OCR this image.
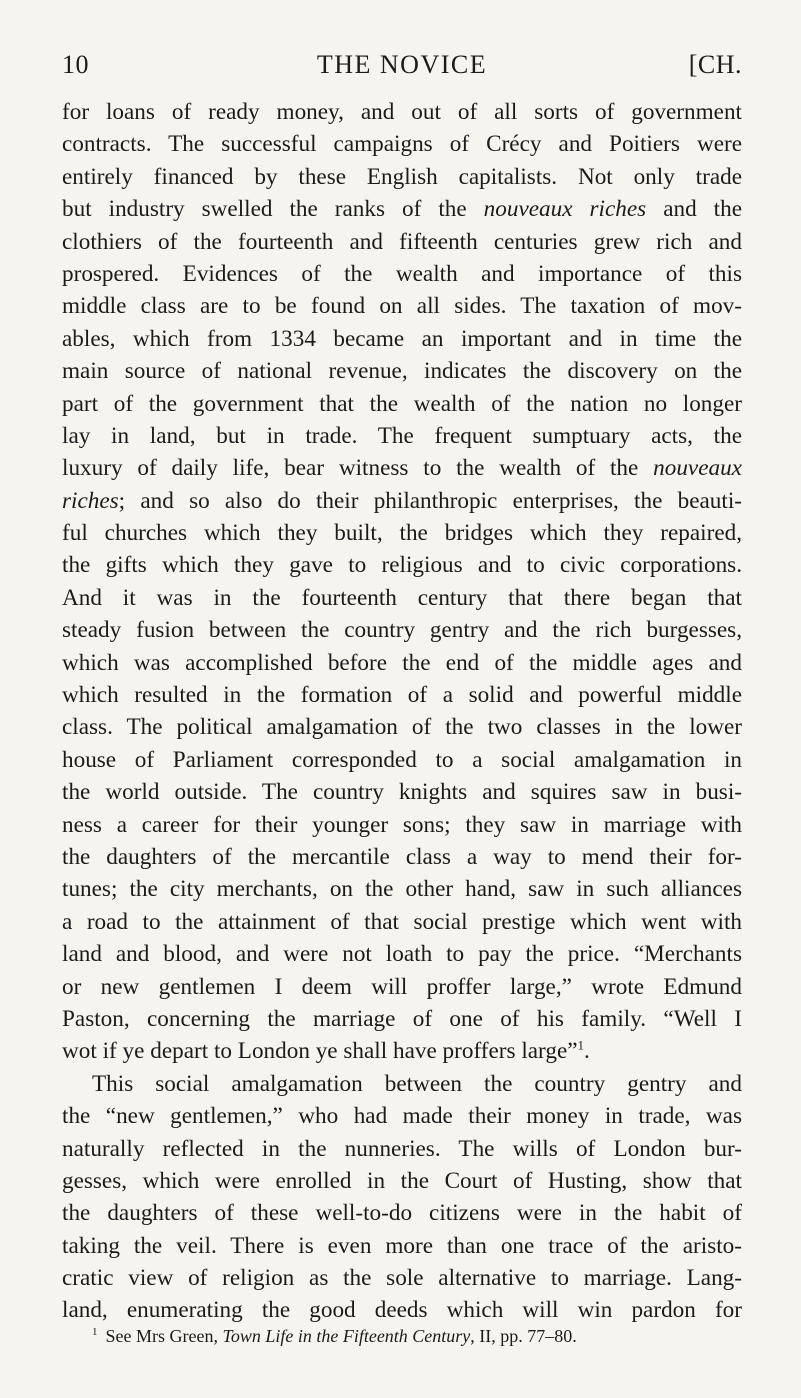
10	THE NOVICE	[CH.
for loans of ready money, and out of all sorts of government
contracts. The successful campaigns of Crécy and Poitiers were
entirely financed by these English capitalists. Not only trade
but industry swelled the ranks of the nouveaux riches and the
clothiers of the fourteenth and fifteenth centuries grew rich and
prospered. Evidences of the wealth and importance of this
middle class are to be found on all sides. The taxation of mov-
ables, which from 1334 became an important and in time the
main source of national revenue, indicates the discovery on the
part of the government that the wealth of the nation no longer
lay in land, but in trade. The frequent sumptuary acts, the
luxury of daily life, bear witness to the wealth of the nouveaux
riches; and so also do their philanthropic enterprises, the beauti-
ful churches which they built, the bridges which they repaired,
the gifts which they gave to religious and to civic corporations.
And it was in the fourteenth century that there began that
steady fusion between the country gentry and the rich burgesses,
which was accomplished before the end of the middle ages and
which resulted in the formation of a solid and powerful middle
class. The political amalgamation of the two classes in the lower
house of Parliament corresponded to a social amalgamation in
the world outside. The country knights and squires saw in busi-
ness a career for their younger sons; they saw in marriage with
the daughters of the mercantile class a way to mend their for-
tunes; the city merchants, on the other hand, saw in such alliances
a road to the attainment of that social prestige which went with
land and blood, and were not loath to pay the price. “Merchants
or new gentlemen I deem will proffer large,” wrote Edmund
Paston, concerning the marriage of one of his family. “Well I
wot if ye depart to London ye shall have proffers large”$^1$.
This social amalgamation between the country gentry and
the “new gentlemen,” who had made their money in trade, was
naturally reflected in the nunneries. The wills of London bur-
gesses, which were enrolled in the Court of Husting, show that
the daughters of these well-to-do citizens were in the habit of
taking the veil. There is even more than one trace of the aristo-
cratic view of religion as the sole alternative to marriage. Lang-
land, enumerating the good deeds which will win pardon for
$^1$ See Mrs Green, Town Life in the Fifteenth Century, II, pp. 77–80.
